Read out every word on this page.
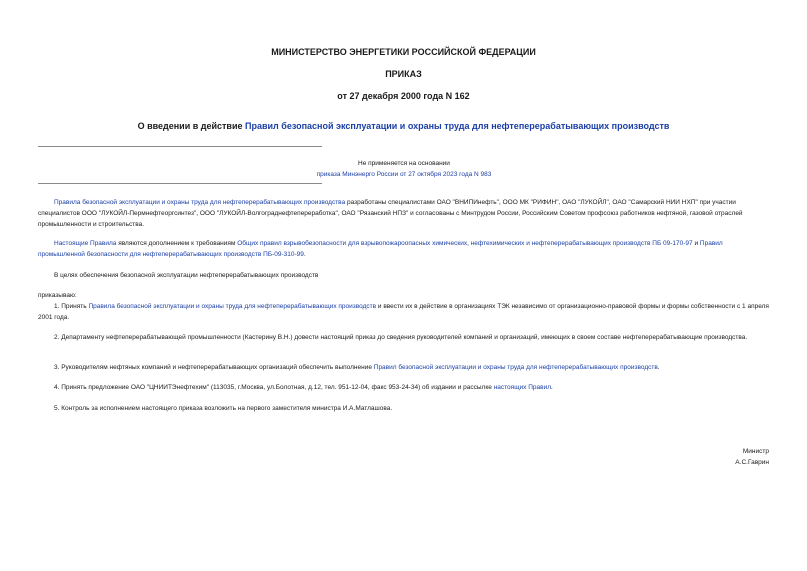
МИНИСТЕРСТВО ЭНЕРГЕТИКИ РОССИЙСКОЙ ФЕДЕРАЦИИ
ПРИКАЗ
от 27 декабря 2000 года N 162
О введении в действие Правил безопасной эксплуатации и охраны труда для нефтеперерабатывающих производств
Не применяется на основании
приказа Минэнерго России от 27 октября 2023 года N 983
Правила безопасной эксплуатации и охраны труда для нефтеперерабатывающих производства разработаны специалистами ОАО "ВНИПИнефть", ООО МК "РИФИН", ОАО "ЛУКОЙЛ", ОАО "Самарский НИИ НХП" при участии специалистов ООО "ЛУКОЙЛ-Пермнефтеоргсинтез", ООО "ЛУКОЙЛ-Волгограднефтепереработка", ОАО "Рязанский НПЗ" и согласованы с Минтрудом России, Российским Советом профсоюз работников нефтяной, газовой отраслей промышленности и строительства.
Настоящие Правила являются дополнением к требованиям Общих правил взрывобезопасности для взрывопожароопасных химических, нефтехимических и нефтеперерабатывающих производств ПБ 09-170-97 и Правил промышленной безопасности для нефтеперерабатывающих производств ПБ-09-310-99.
В целях обеспечения безопасной эксплуатации нефтеперерабатывающих производств
приказываю:
1. Принять Правила безопасной эксплуатации и охраны труда для нефтеперерабатывающих производств и ввести их в действие в организациях ТЭК независимо от организационно-правовой формы и формы собственности с 1 апреля 2001 года.
2. Департаменту нефтеперерабатывающей промышленности (Кастерину В.Н.) довести настоящий приказ до сведения руководителей компаний и организаций, имеющих в своем составе нефтеперерабатывающие производства.
3. Руководителям нефтяных компаний и нефтеперерабатывающих организаций обеспечить выполнение Правил безопасной эксплуатации и охраны труда для нефтеперерабатывающих производств.
4. Принять предложение ОАО "ЦНИИТЭнефтехим" (113035, г.Москва, ул.Болотная, д.12, тел. 951-12-04, факс 953-24-34) об издании и рассылке настоящих Правил.
5. Контроль за исполнением настоящего приказа возложить на первого заместителя министра И.А.Матлашова.
Министр
А.С.Гаврин
